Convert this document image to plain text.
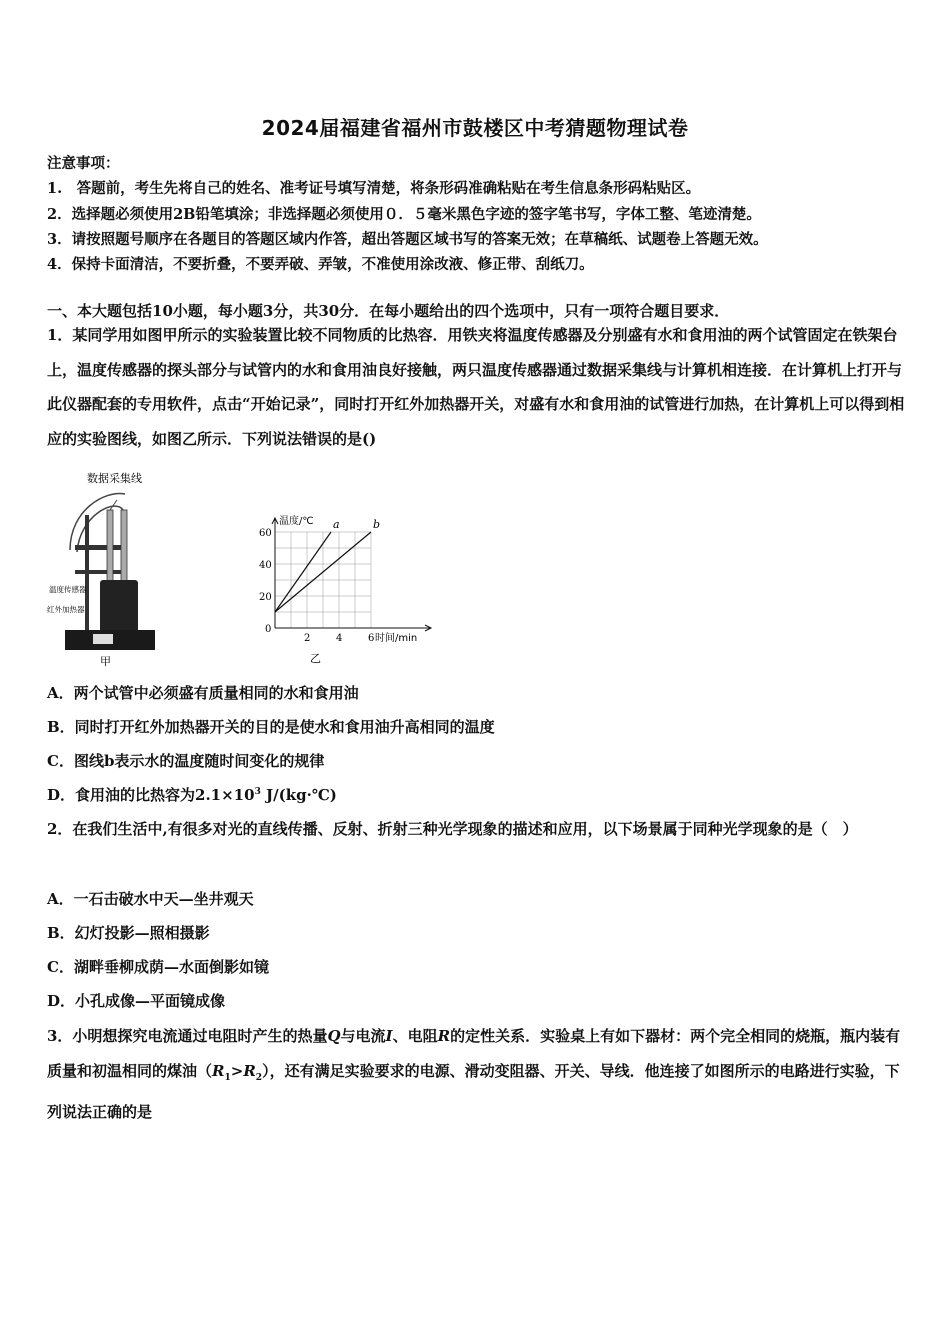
2024届福建省福州市鼓楼区中考猜题物理试卷
注意事项：
1.　答题前，考生先将自己的姓名、准考证号填写清楚，将条形码准确粘贴在考生信息条形码粘贴区。
2．选择题必须使用2B铅笔填涂；非选择题必须使用０．５毫米黑色字迹的签字笔书写，字体工整、笔迹清楚。
3．请按照题号顺序在各题目的答题区域内作答，超出答题区域书写的答案无效；在草稿纸、试题卷上答题无效。
4．保持卡面清洁，不要折叠，不要弄破、弄皱，不准使用涂改液、修正带、刮纸刀。
一、本大题包括10小题，每小题3分，共30分．在每小题给出的四个选项中，只有一项符合题目要求．
1．某同学用如图甲所示的实验装置比较不同物质的比热容．用铁夹将温度传感器及分别盛有水和食用油的两个试管固定在铁架台上，温度传感器的探头部分与试管内的水和食用油良好接触，两只温度传感器通过数据采集线与计算机相连接．在计算机上打开与此仪器配套的专用软件，点击“开始记录”，同时打开红外加热器开关，对盛有水和食用油的试管进行加热，在计算机上可以得到相应的实验图线，如图乙所示．下列说法错误的是()
数据采集线
温度传感器
红外加热器
甲
2	4	6
0
20
40
60
温度/℃
时间/min
a	b
乙
A．两个试管中必须盛有质量相同的水和食用油
B．同时打开红外加热器开关的目的是使水和食用油升高相同的温度
C．图线b表示水的温度随时间变化的规律
D．食用油的比热容为$2.1\times 10^3$ J/(kg·℃)
2．在我们生活中,有很多对光的直线传播、反射、折射三种光学现象的描述和应用，以下场景属于同种光学现象的是（　）
A．一石击破水中天—坐井观天
B．幻灯投影—照相摄影
C．湖畔垂柳成荫—水面倒影如镜
D．小孔成像—平面镜成像
3．小明想探究电流通过电阻时产生的热量Q与电流I、电阻R的定性关系．实验桌上有如下器材：两个完全相同的烧瓶，瓶内装有质量和初温相同的煤油$(R_1>R_2)$，还有满足实验要求的电源、滑动变阻器、开关、导线．他连接了如图所示的电路进行实验，下列说法正确的是
